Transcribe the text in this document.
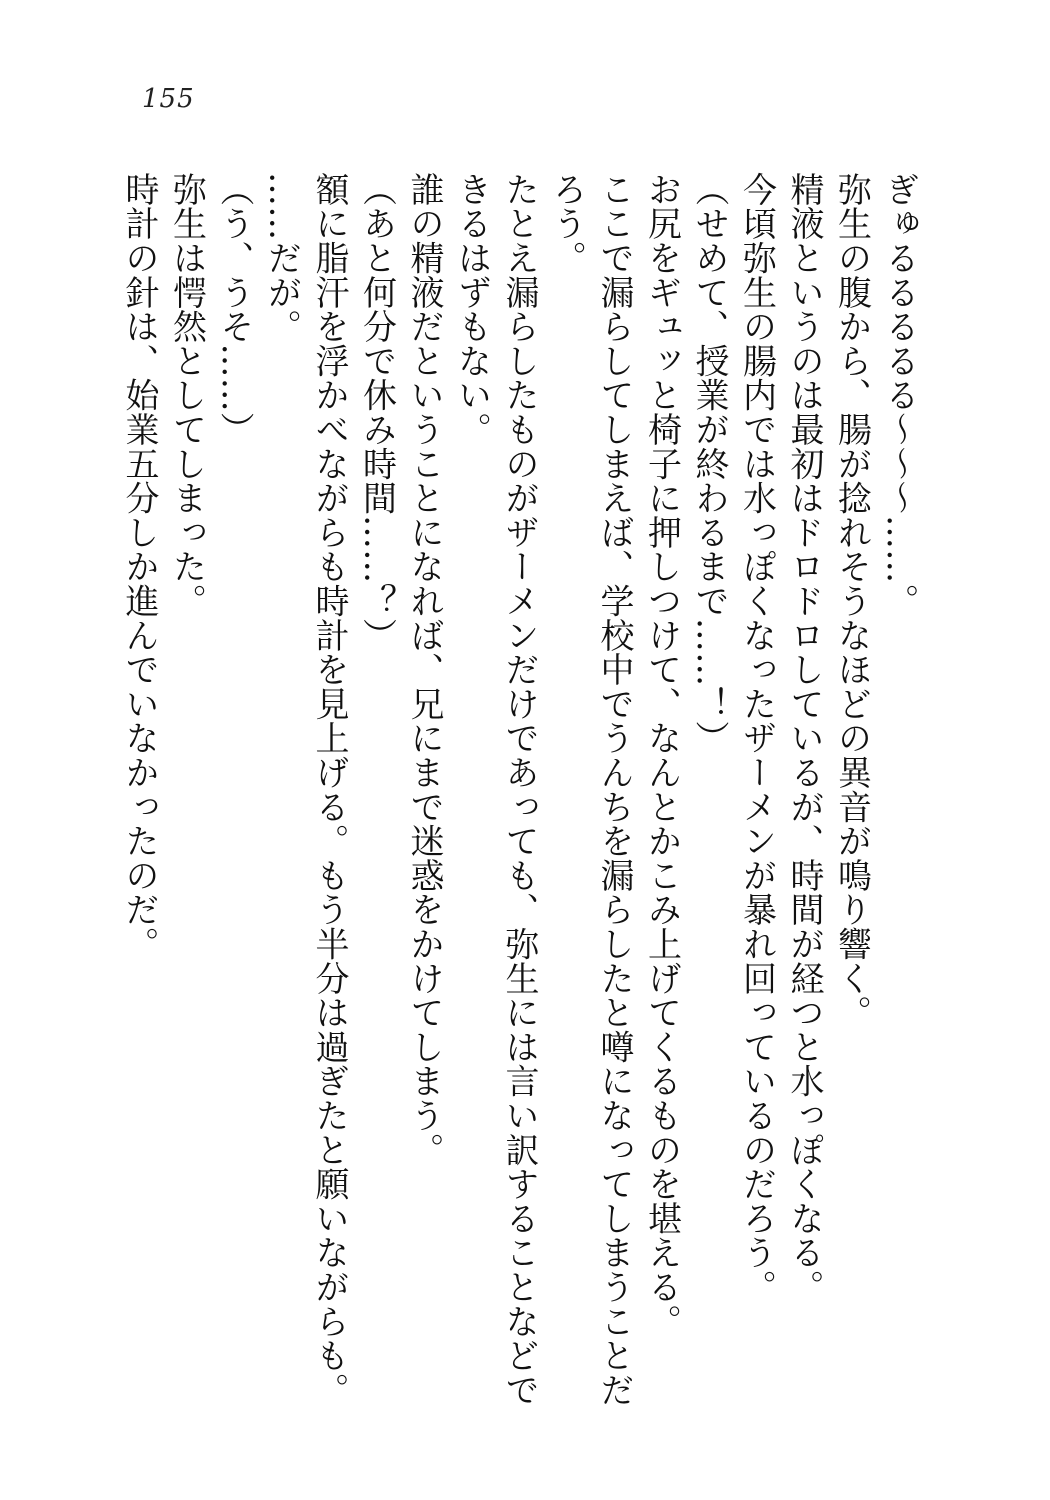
155

ぎゅるるるるる〜〜〜……。

弥生の腹から、腸が捻れそうなほどの異音が鳴り響く。

精液というのは最初はドロドロしているが、時間が経つと水っぽくなる。

今頃弥生の腸内では水っぽくなったザーメンが暴れ回っているのだろう。

（せめて、授業が終わるまで……！）

お尻をギュッと椅子に押しつけて、なんとかこみ上げてくるものを堪える。

ここで漏らしてしまえば、学校中でうんちを漏らしたと噂になってしまうことだろう。

たとえ漏らしたものがザーメンだけであっても、弥生には言い訳することなどできるはずもない。

誰の精液だということになれば、兄にまで迷惑をかけてしまう。

（あと何分で休み時間……？）

額に脂汗を浮かべながらも時計を見上げる。もう半分は過ぎたと願いながらも。

……だが。

（う、うそ……）

弥生は愕然としてしまった。

時計の針は、始業五分しか進んでいなかったのだ。
